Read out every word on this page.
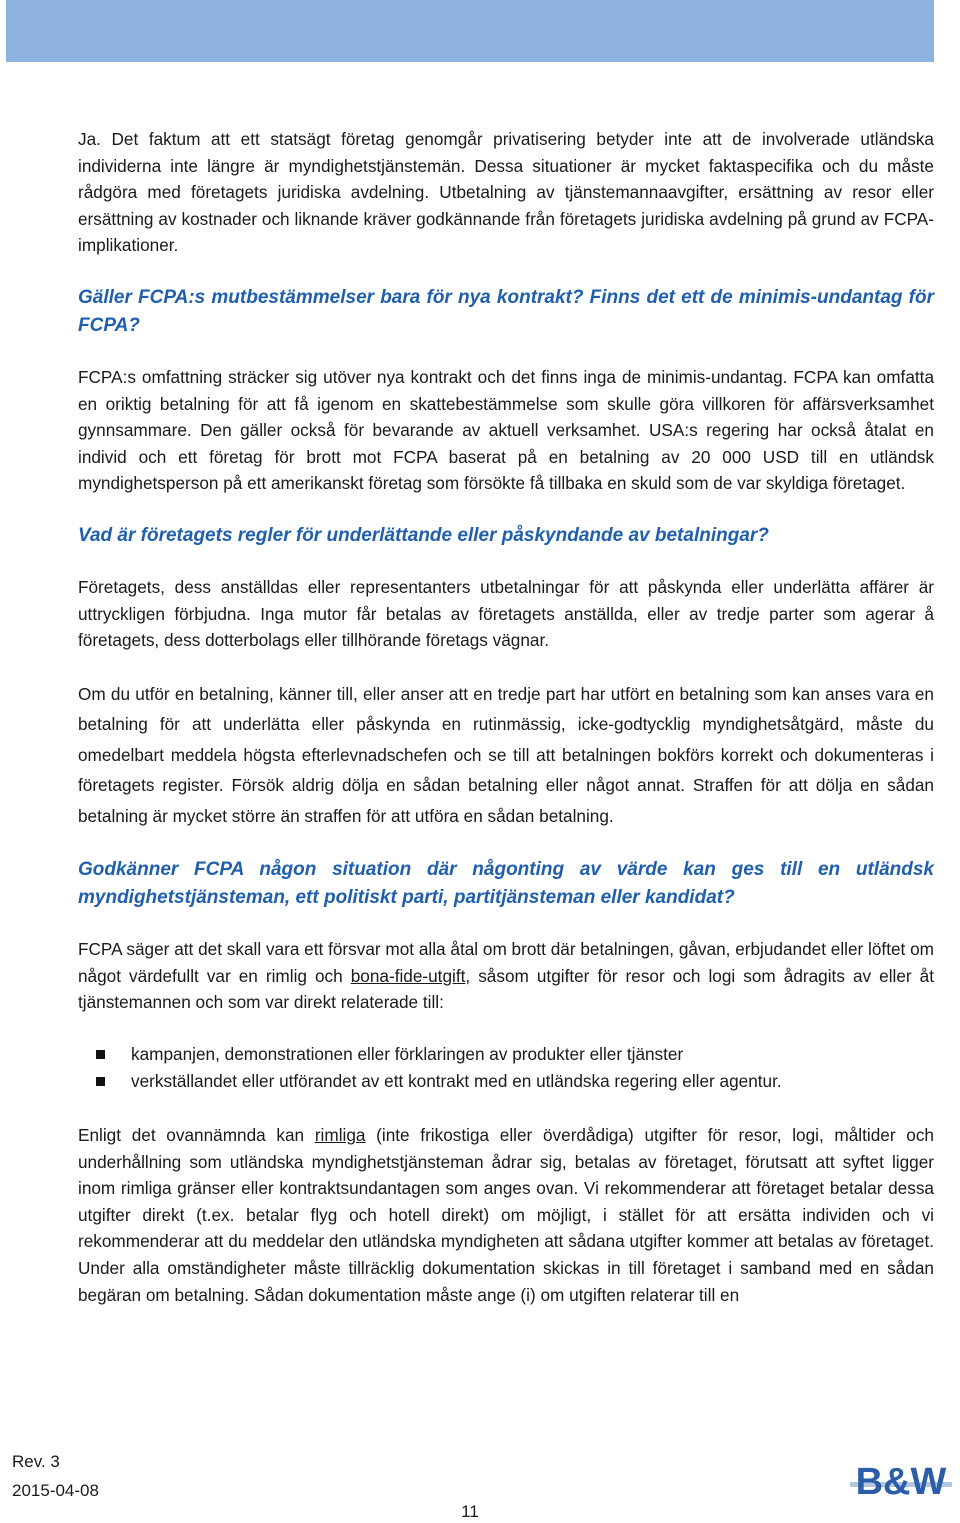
Ja. Det faktum att ett statsägt företag genomgår privatisering betyder inte att de involverade utländska individerna inte längre är myndighetstjänstemän. Dessa situationer är mycket faktaspecifika och du måste rådgöra med företagets juridiska avdelning. Utbetalning av tjänstemannaavgifter, ersättning av resor eller ersättning av kostnader och liknande kräver godkännande från företagets juridiska avdelning på grund av FCPA-implikationer.

Gäller FCPA:s mutbestämmelser bara för nya kontrakt? Finns det ett de minimis-undantag för FCPA?

FCPA:s omfattning sträcker sig utöver nya kontrakt och det finns inga de minimis-undantag. FCPA kan omfatta en oriktig betalning för att få igenom en skattebestämmelse som skulle göra villkoren för affärsverksamhet gynnsammare. Den gäller också för bevarande av aktuell verksamhet. USA:s regering har också åtalat en individ och ett företag för brott mot FCPA baserat på en betalning av 20 000 USD till en utländsk myndighetsperson på ett amerikanskt företag som försökte få tillbaka en skuld som de var skyldiga företaget.

Vad är företagets regler för underlättande eller påskyndande av betalningar?

Företagets, dess anställdas eller representanters utbetalningar för att påskynda eller underlätta affärer är uttryckligen förbjudna. Inga mutor får betalas av företagets anställda, eller av tredje parter som agerar å företagets, dess dotterbolags eller tillhörande företags vägnar.

Om du utför en betalning, känner till, eller anser att en tredje part har utfört en betalning som kan anses vara en betalning för att underlätta eller påskynda en rutinmässig, icke-godtycklig myndighetsåtgärd, måste du omedelbart meddela högsta efterlevnadschefen och se till att betalningen bokförs korrekt och dokumenteras i företagets register. Försök aldrig dölja en sådan betalning eller något annat. Straffen för att dölja en sådan betalning är mycket större än straffen för att utföra en sådan betalning.

Godkänner FCPA någon situation där någonting av värde kan ges till en utländsk myndighetstjänsteman, ett politiskt parti, partitjänsteman eller kandidat?

FCPA säger att det skall vara ett försvar mot alla åtal om brott där betalningen, gåvan, erbjudandet eller löftet om något värdefullt var en rimlig och bona-fide-utgift, såsom utgifter för resor och logi som ådragits av eller åt tjänstemannen och som var direkt relaterade till:

kampanjen, demonstrationen eller förklaringen av produkter eller tjänster
verkställandet eller utförandet av ett kontrakt med en utländska regering eller agentur.

Enligt det ovannämnda kan rimliga (inte frikostiga eller överdådiga) utgifter för resor, logi, måltider och underhållning som utländska myndighetstjänsteman ådrar sig, betalas av företaget, förutsatt att syftet ligger inom rimliga gränser eller kontraktsundantagen som anges ovan. Vi rekommenderar att företaget betalar dessa utgifter direkt (t.ex. betalar flyg och hotell direkt) om möjligt, i stället för att ersätta individen och vi rekommenderar att du meddelar den utländska myndigheten att sådana utgifter kommer att betalas av företaget. Under alla omständigheter måste tillräcklig dokumentation skickas in till företaget i samband med en sådan begäran om betalning. Sådan dokumentation måste ange (i) om utgiften relaterar till en

Rev. 3
2015-04-08
11
B&W
